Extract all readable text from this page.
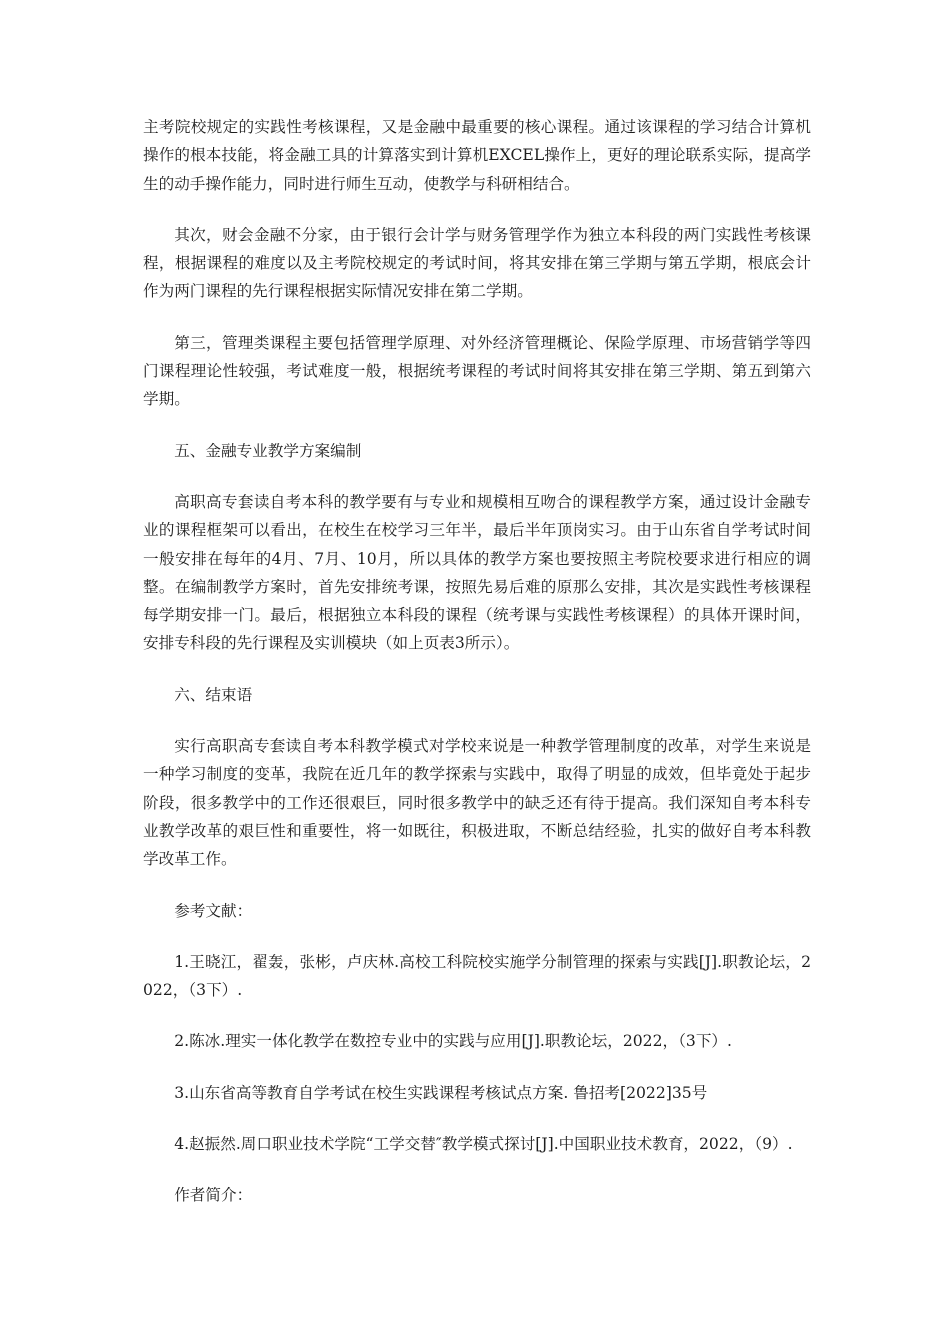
主考院校规定的实践性考核课程，又是金融中最重要的核心课程。通过该课程的学习结合计算机操作的根本技能，将金融工具的计算落实到计算机EXCEL操作上，更好的理论联系实际，提高学生的动手操作能力，同时进行师生互动，使教学与科研相结合。

其次，财会金融不分家，由于银行会计学与财务管理学作为独立本科段的两门实践性考核课程，根据课程的难度以及主考院校规定的考试时间，将其安排在第三学期与第五学期，根底会计作为两门课程的先行课程根据实际情况安排在第二学期。

第三，管理类课程主要包括管理学原理、对外经济管理概论、保险学原理、市场营销学等四门课程理论性较强，考试难度一般，根据统考课程的考试时间将其安排在第三学期、第五到第六学期。

五、金融专业教学方案编制

高职高专套读自考本科的教学要有与专业和规模相互吻合的课程教学方案，通过设计金融专业的课程框架可以看出，在校生在校学习三年半，最后半年顶岗实习。由于山东省自学考试时间一般安排在每年的4月、7月、10月，所以具体的教学方案也要按照主考院校要求进行相应的调整。在编制教学方案时，首先安排统考课，按照先易后难的原那么安排，其次是实践性考核课程每学期安排一门。最后，根据独立本科段的课程（统考课与实践性考核课程）的具体开课时间，安排专科段的先行课程及实训模块（如上页表3所示）。

六、结束语

实行高职高专套读自考本科教学模式对学校来说是一种教学管理制度的改革，对学生来说是一种学习制度的变革，我院在近几年的教学探索与实践中，取得了明显的成效，但毕竟处于起步阶段，很多教学中的工作还很艰巨，同时很多教学中的缺乏还有待于提高。我们深知自考本科专业教学改革的艰巨性和重要性，将一如既往，积极进取，不断总结经验，扎实的做好自考本科教学改革工作。

参考文献：

1.王晓江，翟轰，张彬，卢庆林.高校工科院校实施学分制管理的探索与实践[J].职教论坛，2022，（3下）.

2.陈冰.理实一体化教学在数控专业中的实践与应用[J].职教论坛，2022，（3下）.

3.山东省高等教育自学考试在校生实践课程考核试点方案. 鲁招考[2022]35号

4.赵振然.周口职业技术学院“工学交替″教学模式探讨[J].中国职业技术教育，2022，（9）.

作者简介：
